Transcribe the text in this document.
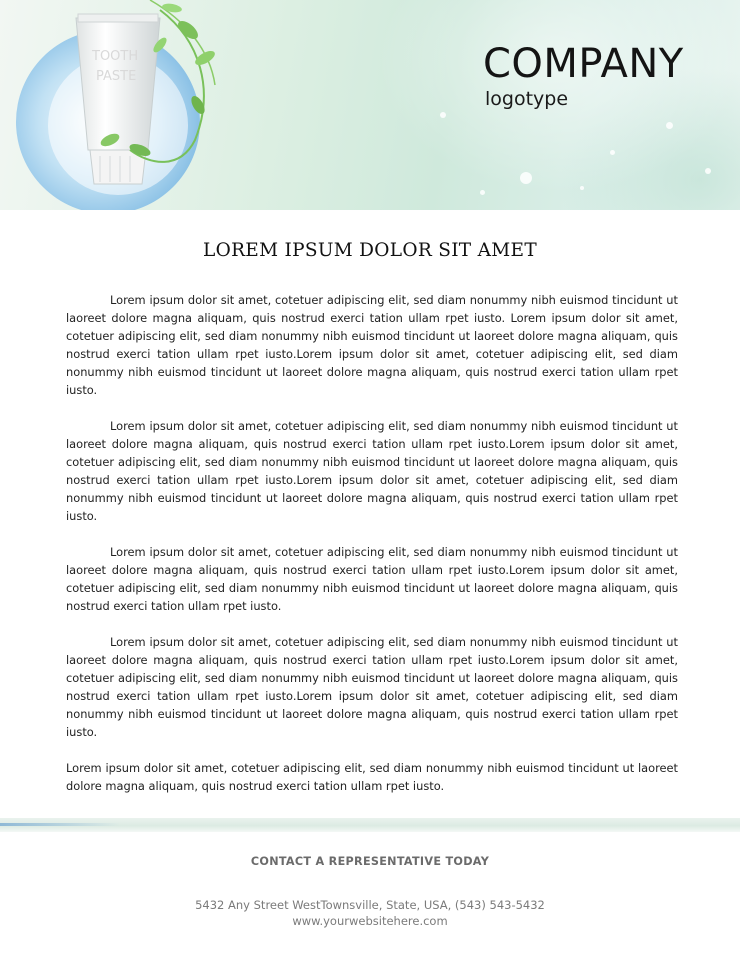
TOOTH
PASTE	COMPANY
logotype
LOREM IPSUM DOLOR SIT AMET

Lorem ipsum dolor sit amet, cotetuer adipiscing elit, sed diam nonummy nibh euismod tincidunt ut laoreet dolore magna aliquam, quis nostrud exerci tation ullam rpet iusto. Lorem ipsum dolor sit amet, cotetuer adipiscing elit, sed diam nonummy nibh euismod tincidunt ut laoreet dolore magna aliquam, quis nostrud exerci tation ullam rpet iusto.Lorem ipsum dolor sit amet, cotetuer adipiscing elit, sed diam nonummy nibh euismod tincidunt ut laoreet dolore magna aliquam, quis nostrud exerci tation ullam rpet iusto.

Lorem ipsum dolor sit amet, cotetuer adipiscing elit, sed diam nonummy nibh euismod tincidunt ut laoreet dolore magna aliquam, quis nostrud exerci tation ullam rpet iusto.Lorem ipsum dolor sit amet, cotetuer adipiscing elit, sed diam nonummy nibh euismod tincidunt ut laoreet dolore magna aliquam, quis nostrud exerci tation ullam rpet iusto.Lorem ipsum dolor sit amet, cotetuer adipiscing elit, sed diam nonummy nibh euismod tincidunt ut laoreet dolore magna aliquam, quis nostrud exerci tation ullam rpet iusto.

Lorem ipsum dolor sit amet, cotetuer adipiscing elit, sed diam nonummy nibh euismod tincidunt ut laoreet dolore magna aliquam, quis nostrud exerci tation ullam rpet iusto.Lorem ipsum dolor sit amet, cotetuer adipiscing elit, sed diam nonummy nibh euismod tincidunt ut laoreet dolore magna aliquam, quis nostrud exerci tation ullam rpet iusto.

Lorem ipsum dolor sit amet, cotetuer adipiscing elit, sed diam nonummy nibh euismod tincidunt ut laoreet dolore magna aliquam, quis nostrud exerci tation ullam rpet iusto.Lorem ipsum dolor sit amet, cotetuer adipiscing elit, sed diam nonummy nibh euismod tincidunt ut laoreet dolore magna aliquam, quis nostrud exerci tation ullam rpet iusto.Lorem ipsum dolor sit amet, cotetuer adipiscing elit, sed diam nonummy nibh euismod tincidunt ut laoreet dolore magna aliquam, quis nostrud exerci tation ullam rpet iusto.

Lorem ipsum dolor sit amet, cotetuer adipiscing elit, sed diam nonummy nibh euismod tincidunt ut laoreet dolore magna aliquam, quis nostrud exerci tation ullam rpet iusto.

CONTACT A REPRESENTATIVE TODAY
5432 Any Street WestTownsville, State, USA, (543) 543-5432
www.yourwebsitehere.com
